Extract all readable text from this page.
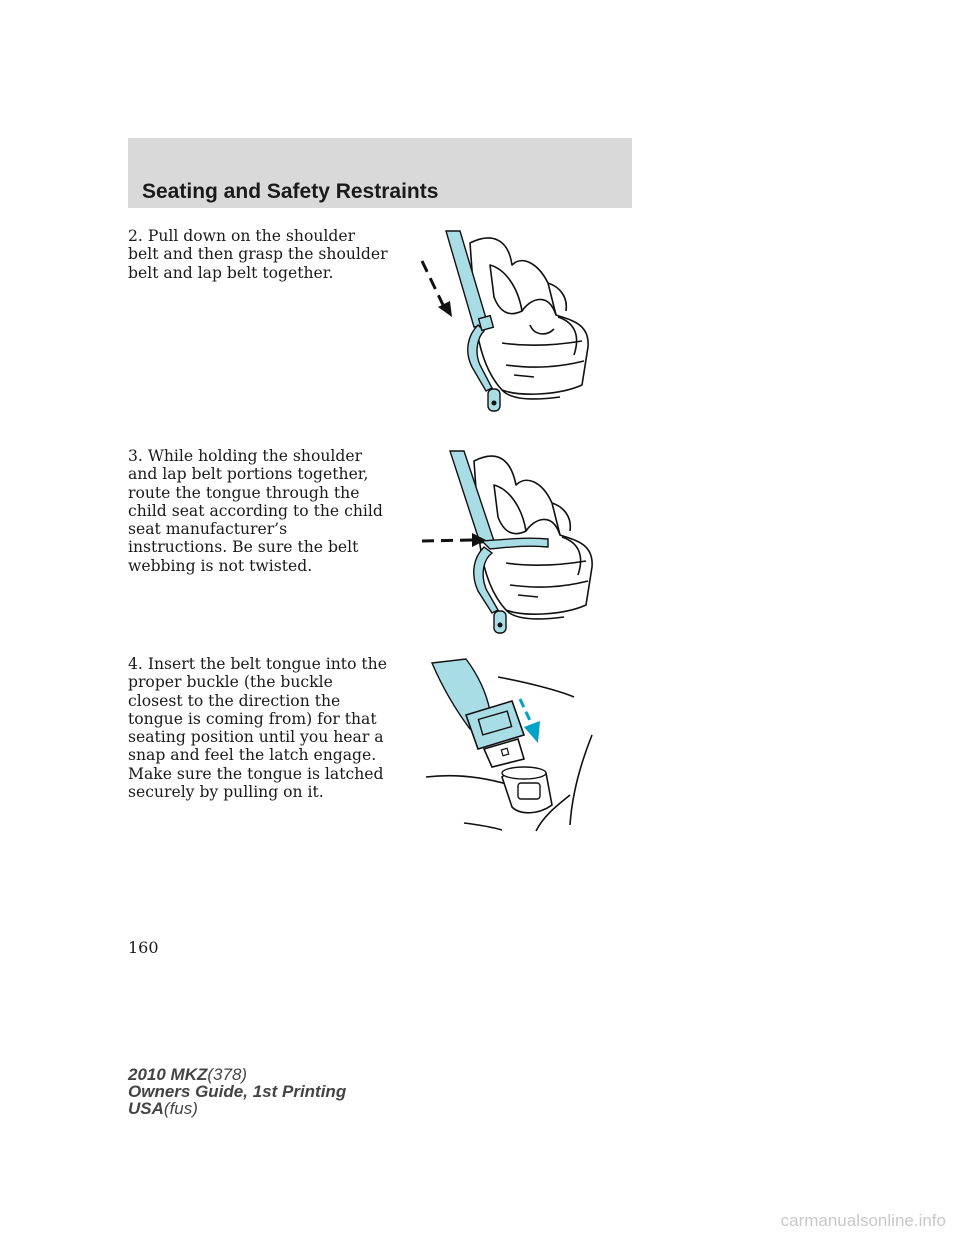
Seating and Safety Restraints

2. Pull down on the shoulder belt and then grasp the shoulder belt and lap belt together.

3. While holding the shoulder and lap belt portions together, route the tongue through the child seat according to the child seat manufacturer’s instructions. Be sure the belt webbing is not twisted.

4. Insert the belt tongue into the proper buckle (the buckle closest to the direction the tongue is coming from) for that seating position until you hear a snap and feel the latch engage. Make sure the tongue is latched securely by pulling on it.

160
2010 MKZ(378)
Owners Guide, 1st Printing
USA(fus)
carmanualsonline.info
